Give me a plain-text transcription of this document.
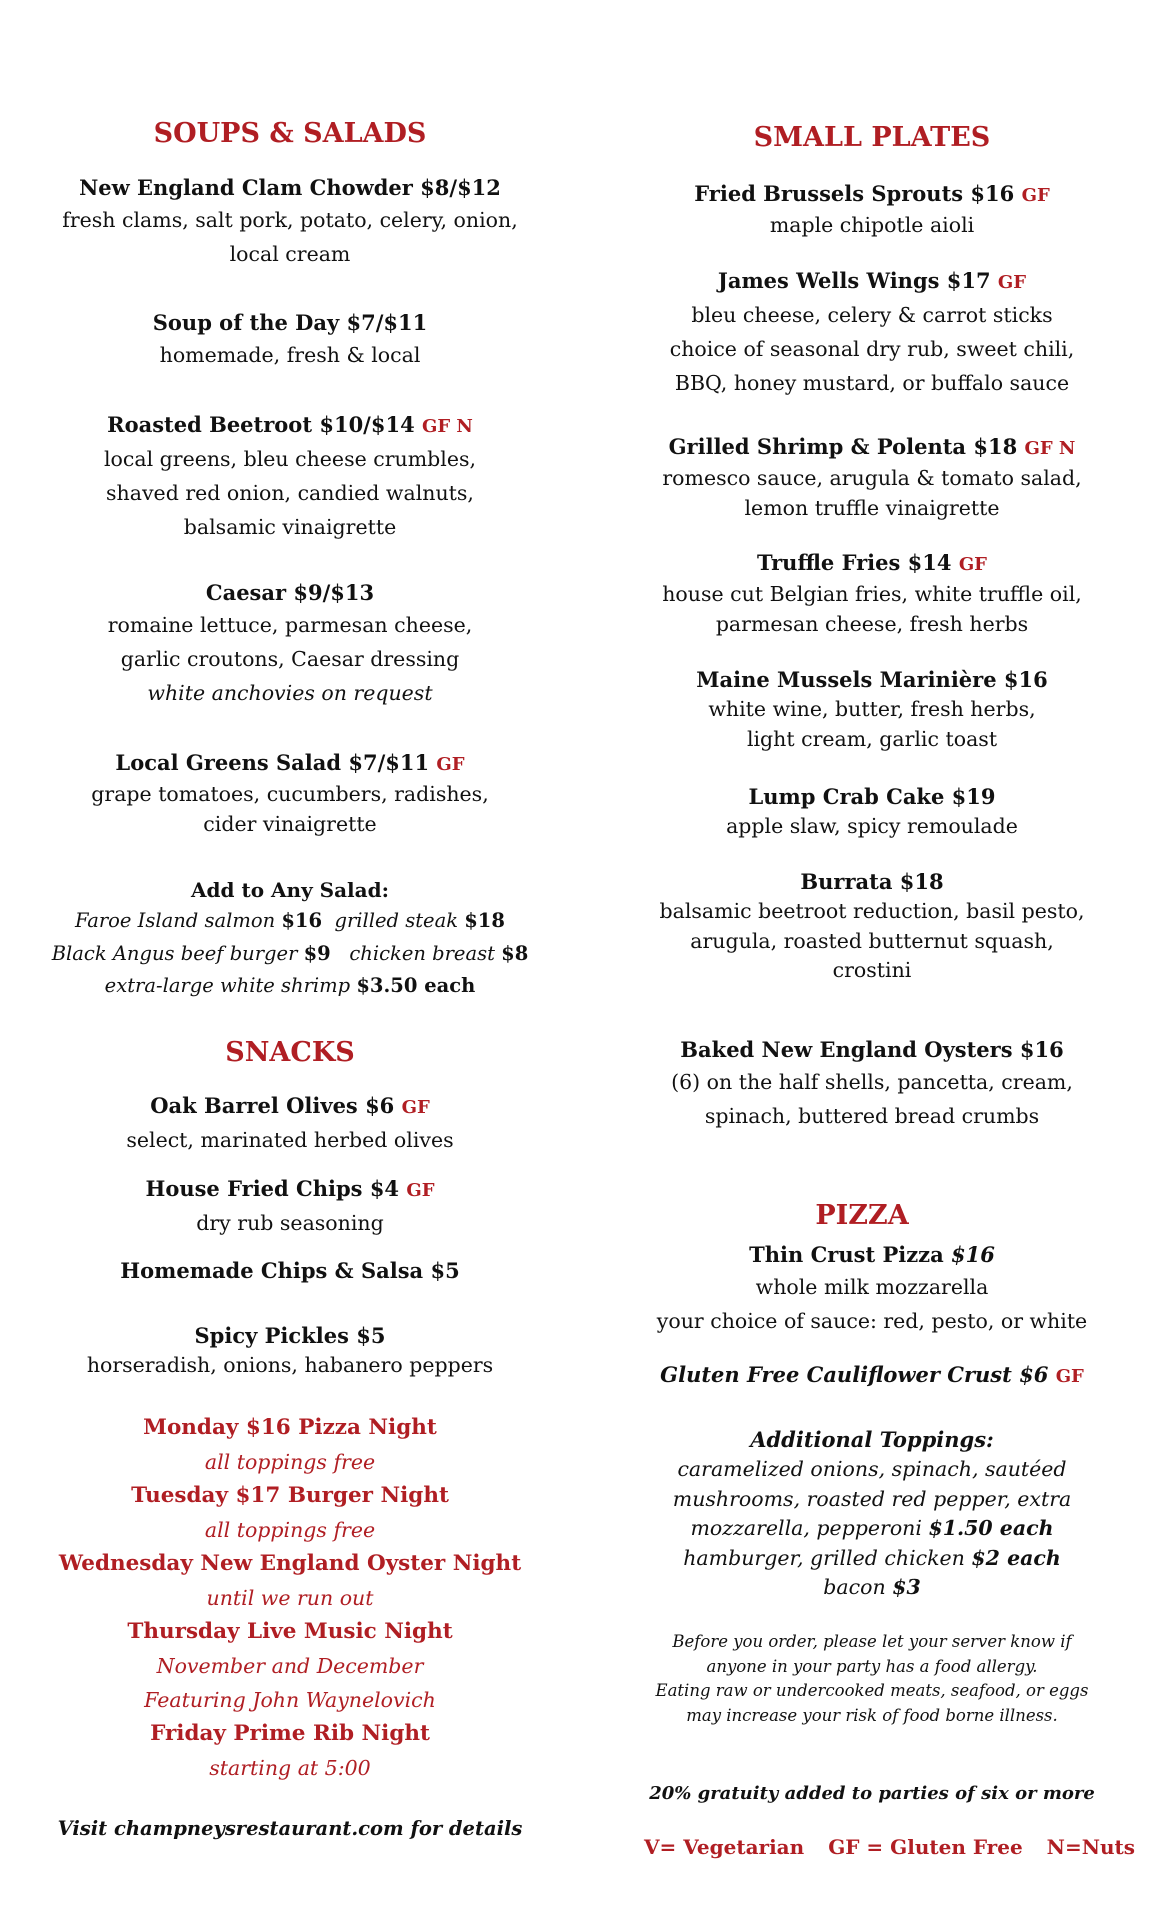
SOUPS & SALADS
New England Clam Chowder $8/$12
fresh clams, salt pork, potato, celery, onion,
local cream
Soup of the Day $7/$11
homemade, fresh & local
Roasted Beetroot $10/$14 GF N
local greens, bleu cheese crumbles,
shaved red onion, candied walnuts,
balsamic vinaigrette
Caesar $9/$13
romaine lettuce, parmesan cheese,
garlic croutons, Caesar dressing
white anchovies on request
Local Greens Salad $7/$11 GF
grape tomatoes, cucumbers, radishes,
cider vinaigrette
Add to Any Salad:
Faroe Island salmon $16 grilled steak $18
Black Angus beef burger $9 chicken breast $8
extra-large white shrimp $3.50 each
SNACKS
Oak Barrel Olives $6 GF
select, marinated herbed olives
House Fried Chips $4 GF
dry rub seasoning
Homemade Chips & Salsa $5
Spicy Pickles $5
horseradish, onions, habanero peppers
Monday $16 Pizza Night
all toppings free
Tuesday $17 Burger Night
all toppings free
Wednesday New England Oyster Night
until we run out
Thursday Live Music Night
November and December
Featuring John Waynelovich
Friday Prime Rib Night
starting at 5:00
Visit champneysrestaurant.com for details
SMALL PLATES
Fried Brussels Sprouts $16 GF
maple chipotle aioli
James Wells Wings $17 GF
bleu cheese, celery & carrot sticks
choice of seasonal dry rub, sweet chili,
BBQ, honey mustard, or buffalo sauce
Grilled Shrimp & Polenta $18 GF N
romesco sauce, arugula & tomato salad,
lemon truffle vinaigrette
Truffle Fries $14 GF
house cut Belgian fries, white truffle oil,
parmesan cheese, fresh herbs
Maine Mussels Marinière $16
white wine, butter, fresh herbs,
light cream, garlic toast
Lump Crab Cake $19
apple slaw, spicy remoulade
Burrata $18
balsamic beetroot reduction, basil pesto,
arugula, roasted butternut squash,
crostini
Baked New England Oysters $16
(6) on the half shells, pancetta, cream,
spinach, buttered bread crumbs
PIZZA
Thin Crust Pizza $16
whole milk mozzarella
your choice of sauce: red, pesto, or white
Gluten Free Cauliflower Crust $6 GF
Additional Toppings:
caramelized onions, spinach, sautéed
mushrooms, roasted red pepper, extra
mozzarella, pepperoni $1.50 each
hamburger, grilled chicken $2 each
bacon $3
Before you order, please let your server know if
anyone in your party has a food allergy.
Eating raw or undercooked meats, seafood, or eggs
may increase your risk of food borne illness.
20% gratuity added to parties of six or more
V= Vegetarian GF = Gluten Free N=Nuts
